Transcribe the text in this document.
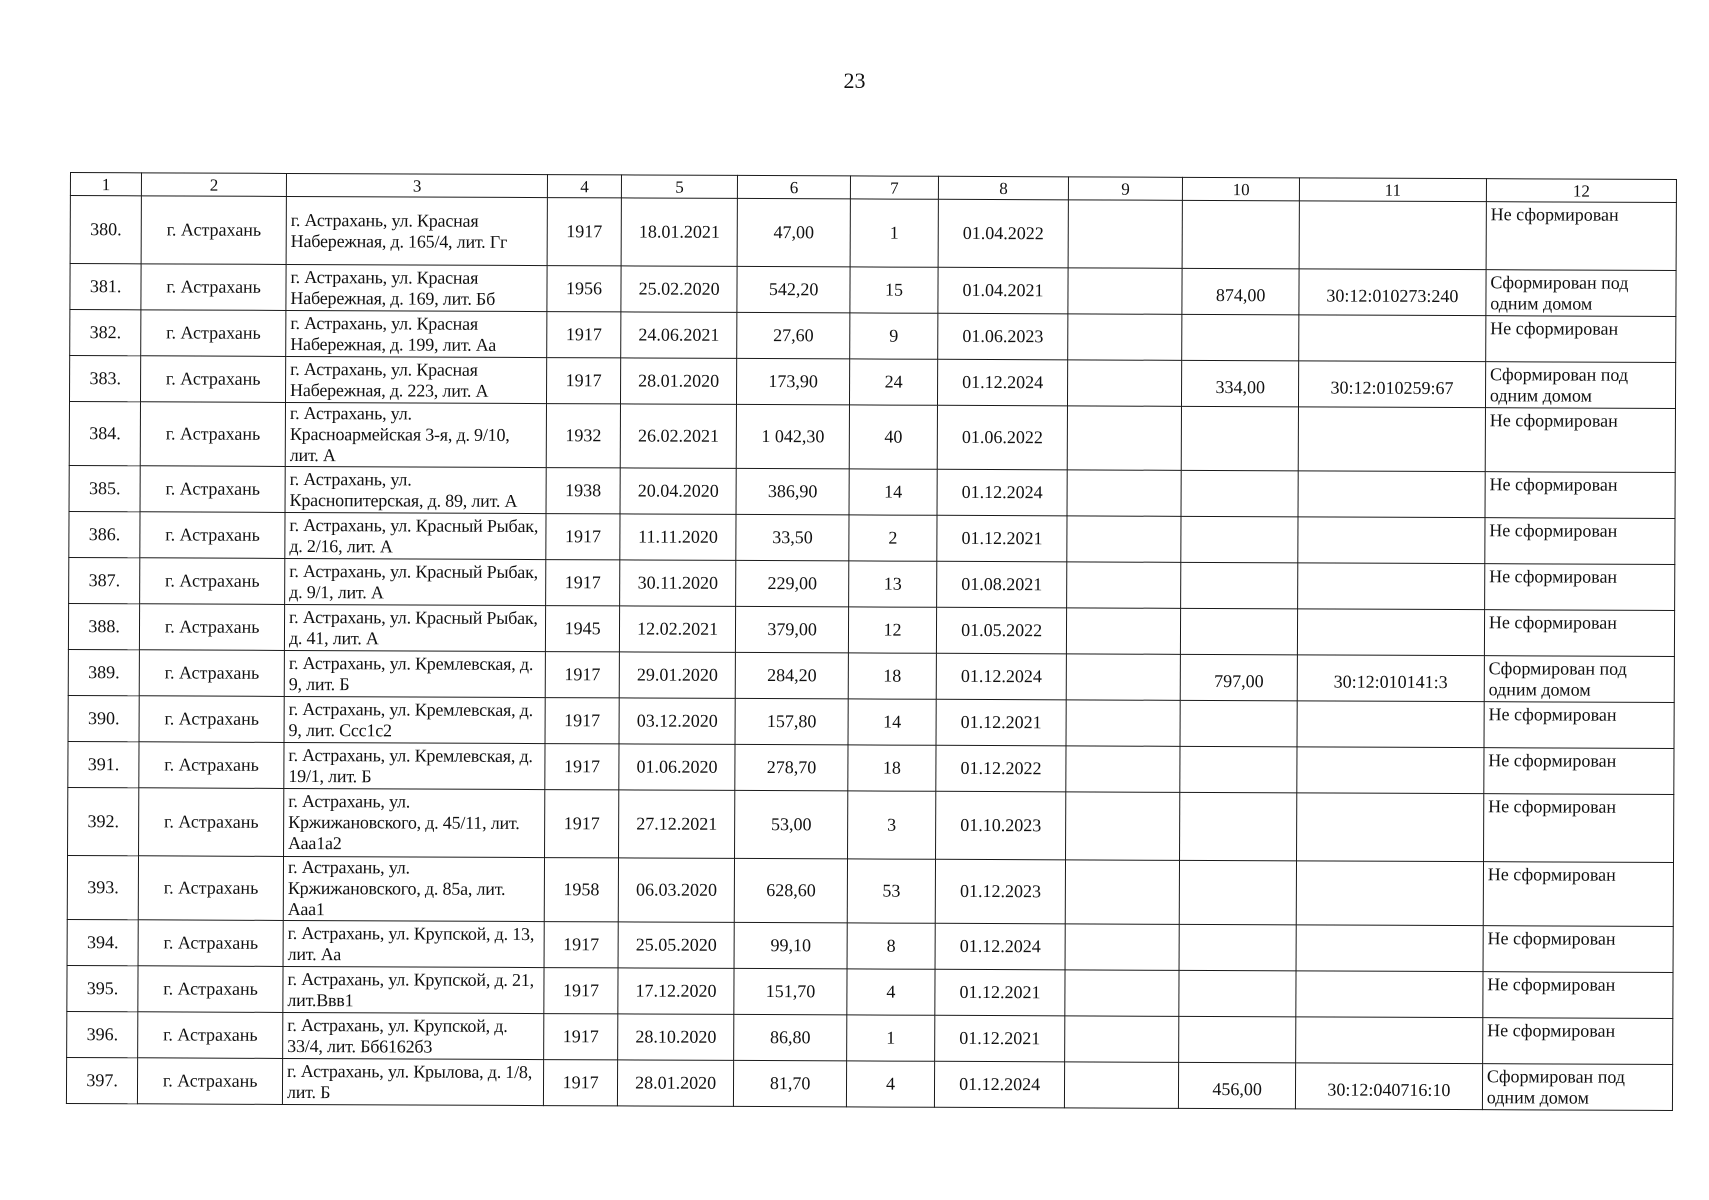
23
1	2	3	4	5	6	7	8	9	10	11	12
380.	г. Астрахань	г. Астрахань, ул. Красная Набережная, д. 165/4, лит. Гг	1917	18.01.2021	47,00	1	01.04.2022				Не сформирован
381.	г. Астрахань	г. Астрахань, ул. Красная Набережная, д. 169, лит. Бб	1956	25.02.2020	542,20	15	01.04.2021		874,00	30:12:010273:240	Сформирован под одним домом
382.	г. Астрахань	г. Астрахань, ул. Красная Набережная, д. 199, лит. Аа	1917	24.06.2021	27,60	9	01.06.2023				Не сформирован
383.	г. Астрахань	г. Астрахань, ул. Красная Набережная, д. 223, лит. А	1917	28.01.2020	173,90	24	01.12.2024		334,00	30:12:010259:67	Сформирован под одним домом
384.	г. Астрахань	г. Астрахань, ул. Красноармейская 3-я, д. 9/10, лит. А	1932	26.02.2021	1 042,30	40	01.06.2022				Не сформирован
385.	г. Астрахань	г. Астрахань, ул. Краснопитерская, д. 89, лит. А	1938	20.04.2020	386,90	14	01.12.2024				Не сформирован
386.	г. Астрахань	г. Астрахань, ул. Красный Рыбак, д. 2/16, лит. А	1917	11.11.2020	33,50	2	01.12.2021				Не сформирован
387.	г. Астрахань	г. Астрахань, ул. Красный Рыбак, д. 9/1, лит. А	1917	30.11.2020	229,00	13	01.08.2021				Не сформирован
388.	г. Астрахань	г. Астрахань, ул. Красный Рыбак, д. 41, лит. А	1945	12.02.2021	379,00	12	01.05.2022				Не сформирован
389.	г. Астрахань	г. Астрахань, ул. Кремлевская, д. 9, лит. Б	1917	29.01.2020	284,20	18	01.12.2024		797,00	30:12:010141:3	Сформирован под одним домом
390.	г. Астрахань	г. Астрахань, ул. Кремлевская, д. 9, лит. Ccc1c2	1917	03.12.2020	157,80	14	01.12.2021				Не сформирован
391.	г. Астрахань	г. Астрахань, ул. Кремлевская, д. 19/1, лит. Б	1917	01.06.2020	278,70	18	01.12.2022				Не сформирован
392.	г. Астрахань	г. Астрахань, ул. Кржижановского, д. 45/11, лит. Ааа1а2	1917	27.12.2021	53,00	3	01.10.2023				Не сформирован
393.	г. Астрахань	г. Астрахань, ул. Кржижановского, д. 85а, лит. Ааа1	1958	06.03.2020	628,60	53	01.12.2023				Не сформирован
394.	г. Астрахань	г. Астрахань, ул. Крупской, д. 13, лит. Аа	1917	25.05.2020	99,10	8	01.12.2024				Не сформирован
395.	г. Астрахань	г. Астрахань, ул. Крупской, д. 21, лит.Ввв1	1917	17.12.2020	151,70	4	01.12.2021				Не сформирован
396.	г. Астрахань	г. Астрахань, ул. Крупской, д. 33/4, лит. Бб6162б3	1917	28.10.2020	86,80	1	01.12.2021				Не сформирован
397.	г. Астрахань	г. Астрахань, ул. Крылова, д. 1/8, лит. Б	1917	28.01.2020	81,70	4	01.12.2024		456,00	30:12:040716:10	Сформирован под одним домом
